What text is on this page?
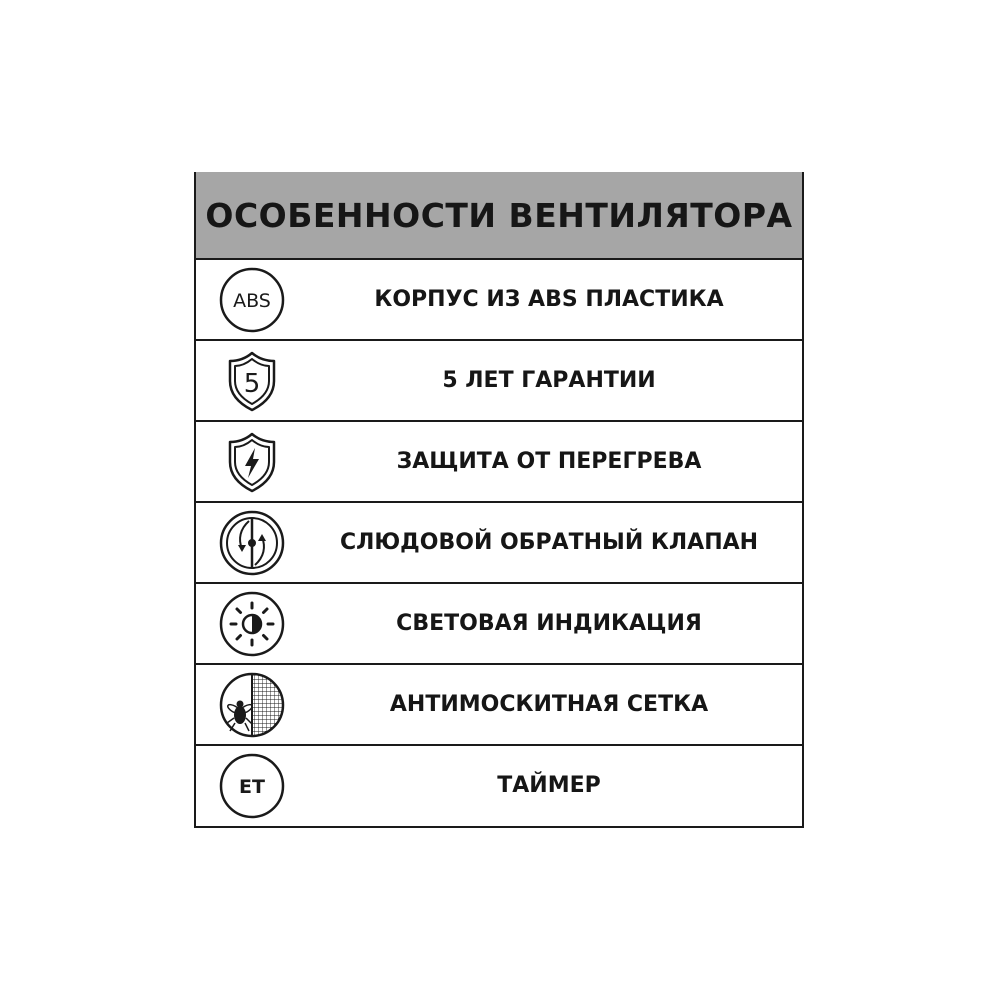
ОСОБЕННОСТИ ВЕНТИЛЯТОРА
ABS	КОРПУС ИЗ ABS ПЛАСТИКА
5	5 ЛЕТ ГАРАНТИИ
ЗАЩИТА ОТ ПЕРЕГРЕВА
СЛЮДОВОЙ ОБРАТНЫЙ КЛАПАН
СВЕТОВАЯ ИНДИКАЦИЯ
АНТИМОСКИТНАЯ СЕТКА
ET	ТАЙМЕР
